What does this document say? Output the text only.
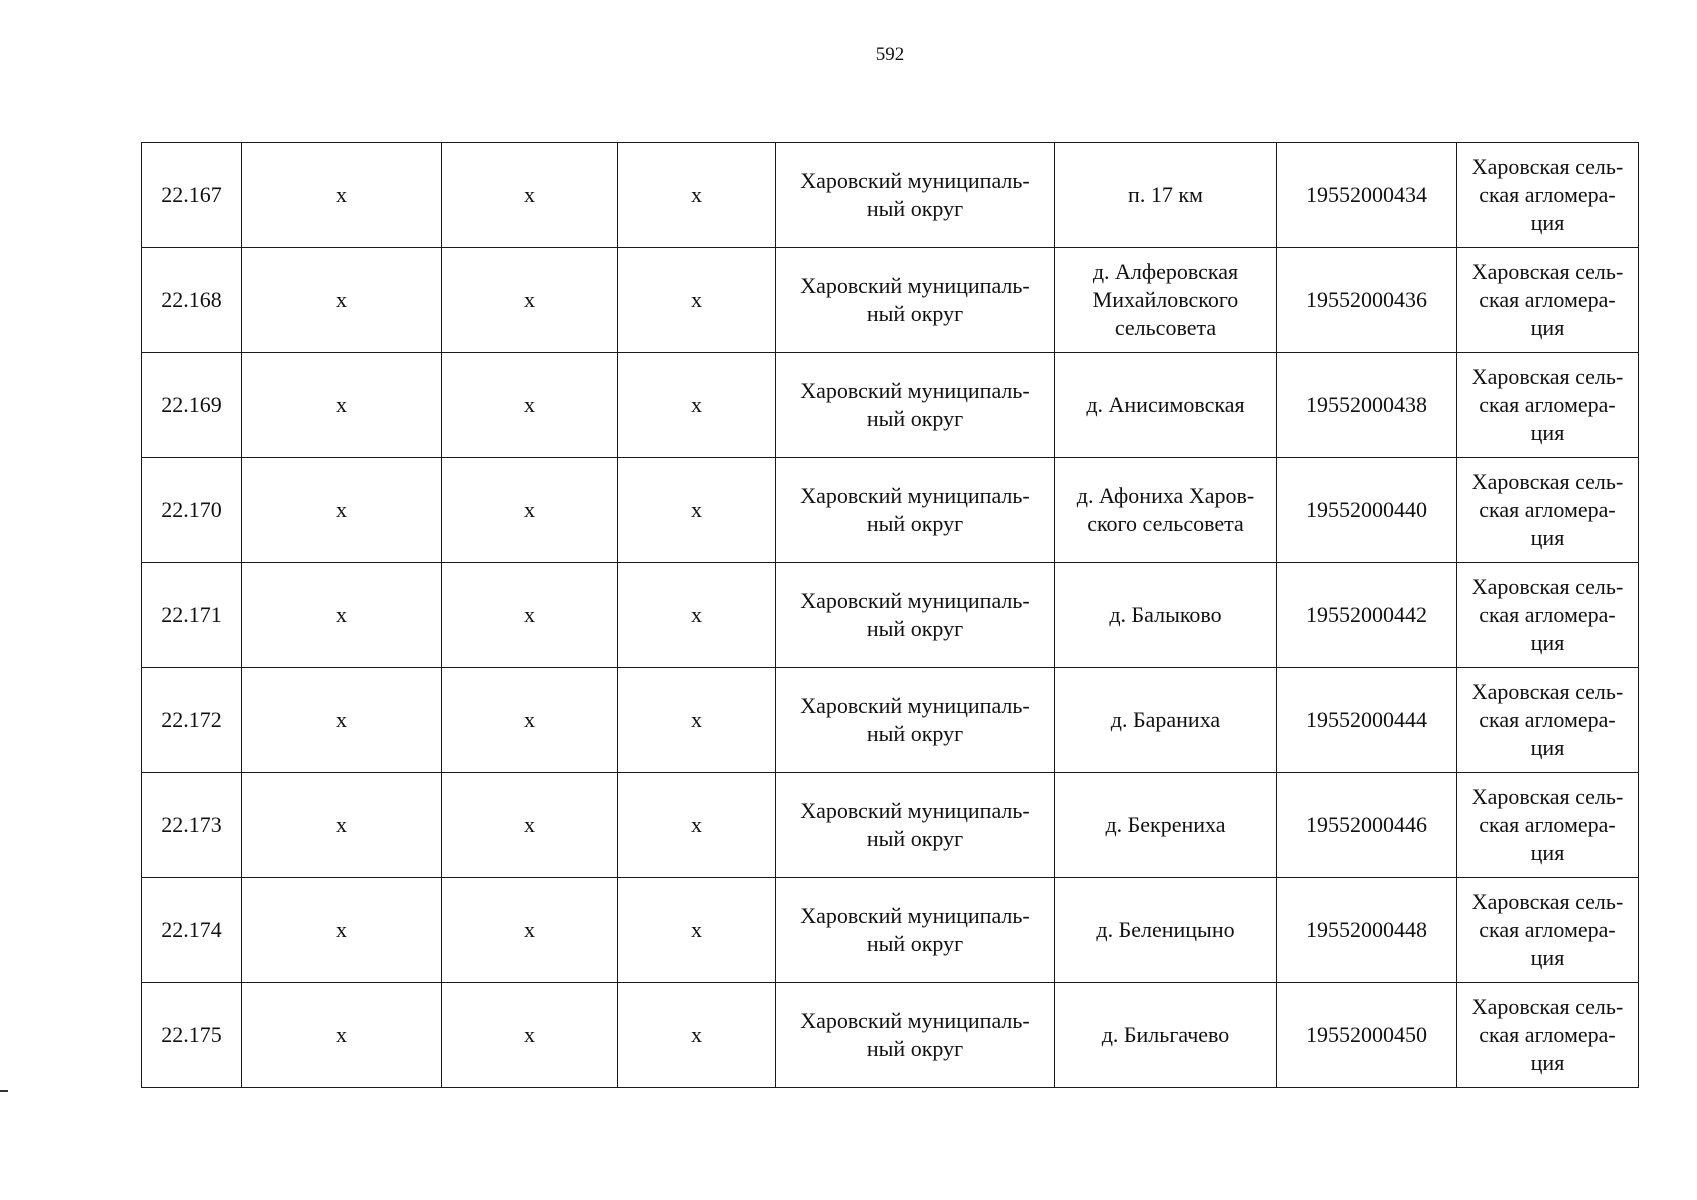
592
22.167	x	x	x	Харовский муниципаль-ный округ	п. 17 км	19552000434	Харовская сель-ская агломера-ция
22.168	x	x	x	Харовский муниципаль-ный округ	д. Алферовская Михайловского сельсовета	19552000436	Харовская сель-ская агломера-ция
22.169	x	x	x	Харовский муниципаль-ный округ	д. Анисимовская	19552000438	Харовская сель-ская агломера-ция
22.170	x	x	x	Харовский муниципаль-ный округ	д. Афониха Харов-ского сельсовета	19552000440	Харовская сель-ская агломера-ция
22.171	x	x	x	Харовский муниципаль-ный округ	д. Балыково	19552000442	Харовская сель-ская агломера-ция
22.172	x	x	x	Харовский муниципаль-ный округ	д. Бараниха	19552000444	Харовская сель-ская агломера-ция
22.173	x	x	x	Харовский муниципаль-ный округ	д. Бекрениха	19552000446	Харовская сель-ская агломера-ция
22.174	x	x	x	Харовский муниципаль-ный округ	д. Беленицыно	19552000448	Харовская сель-ская агломера-ция
22.175	x	x	x	Харовский муниципаль-ный округ	д. Бильгачево	19552000450	Харовская сель-ская агломера-ция
